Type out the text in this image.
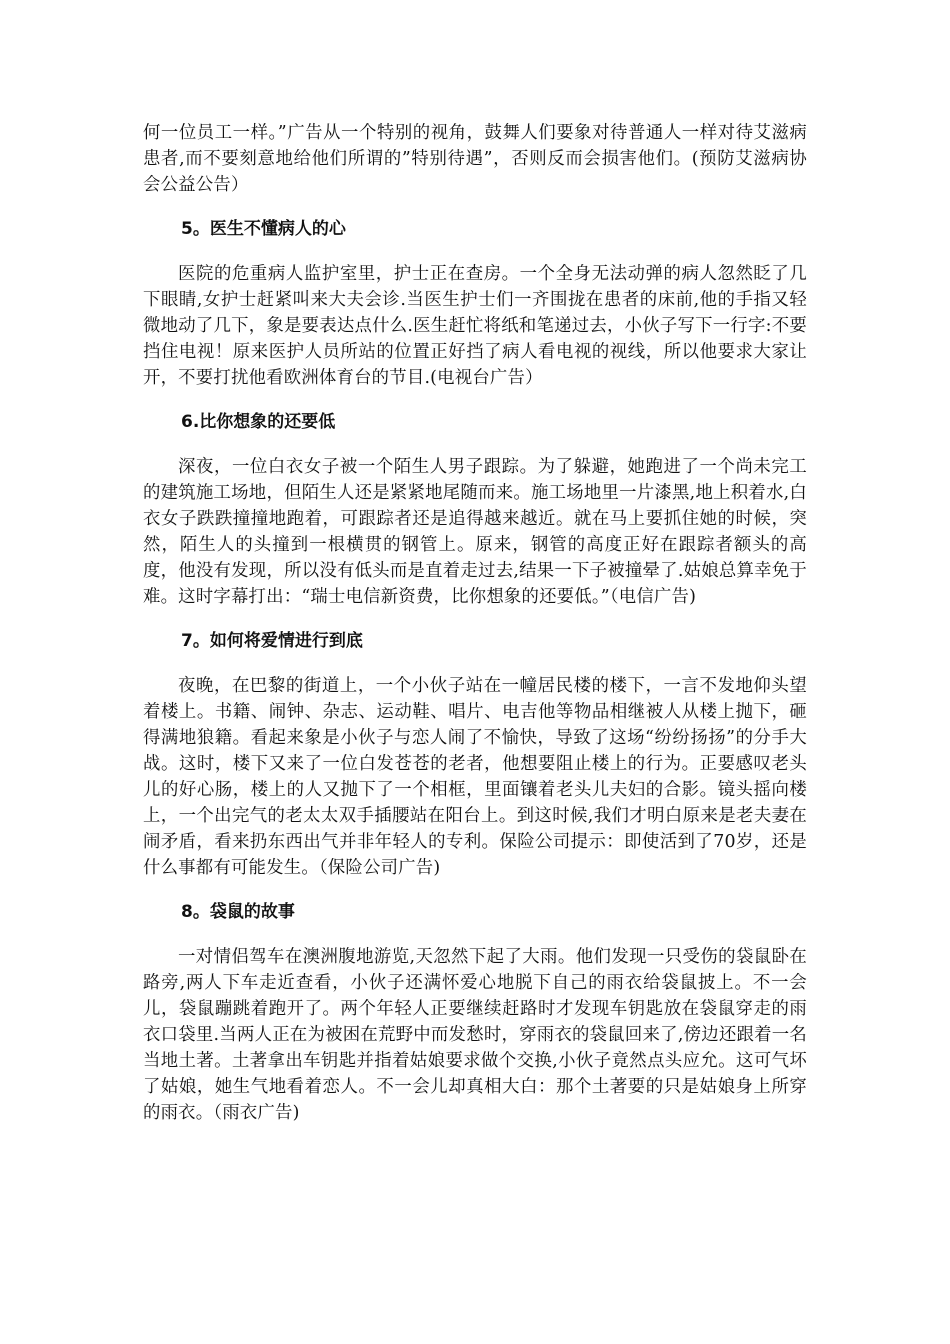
何一位员工一样。”广告从一个特别的视角，鼓舞人们要象对待普通人一样对待艾滋病患者,而不要刻意地给他们所谓的”特别待遇”，否则反而会损害他们。(预防艾滋病协会公益公告）

5。医生不懂病人的心

医院的危重病人监护室里，护士正在查房。一个全身无法动弹的病人忽然眨了几下眼睛,女护士赶紧叫来大夫会诊.当医生护士们一齐围拢在患者的床前,他的手指又轻微地动了几下，象是要表达点什么.医生赶忙将纸和笔递过去，小伙子写下一行字:不要挡住电视！原来医护人员所站的位置正好挡了病人看电视的视线，所以他要求大家让开，不要打扰他看欧洲体育台的节目.(电视台广告）

6.比你想象的还要低

深夜，一位白衣女子被一个陌生人男子跟踪。为了躲避，她跑进了一个尚未完工的建筑施工场地，但陌生人还是紧紧地尾随而来。施工场地里一片漆黑,地上积着水,白衣女子跌跌撞撞地跑着，可跟踪者还是追得越来越近。就在马上要抓住她的时候，突然，陌生人的头撞到一根横贯的钢管上。原来，钢管的高度正好在跟踪者额头的高度，他没有发现，所以没有低头而是直着走过去,结果一下子被撞晕了.姑娘总算幸免于难。这时字幕打出：“瑞士电信新资费，比你想象的还要低。”（电信广告)

7。如何将爱情进行到底

夜晚，在巴黎的街道上，一个小伙子站在一幢居民楼的楼下，一言不发地仰头望着楼上。书籍、闹钟、杂志、运动鞋、唱片、电吉他等物品相继被人从楼上抛下，砸得满地狼籍。看起来象是小伙子与恋人闹了不愉快，导致了这场“纷纷扬扬”的分手大战。这时，楼下又来了一位白发苍苍的老者，他想要阻止楼上的行为。正要感叹老头儿的好心肠，楼上的人又抛下了一个相框，里面镶着老头儿夫妇的合影。镜头摇向楼上，一个出完气的老太太双手插腰站在阳台上。到这时候,我们才明白原来是老夫妻在闹矛盾，看来扔东西出气并非年轻人的专利。保险公司提示：即使活到了70岁，还是什么事都有可能发生。（保险公司广告)

8。袋鼠的故事

一对情侣驾车在澳洲腹地游览,天忽然下起了大雨。他们发现一只受伤的袋鼠卧在路旁,两人下车走近查看，小伙子还满怀爱心地脱下自己的雨衣给袋鼠披上。不一会儿，袋鼠蹦跳着跑开了。两个年轻人正要继续赶路时才发现车钥匙放在袋鼠穿走的雨衣口袋里.当两人正在为被困在荒野中而发愁时，穿雨衣的袋鼠回来了,傍边还跟着一名当地土著。土著拿出车钥匙并指着姑娘要求做个交换,小伙子竟然点头应允。这可气坏了姑娘，她生气地看着恋人。不一会儿却真相大白：那个土著要的只是姑娘身上所穿的雨衣。（雨衣广告)
